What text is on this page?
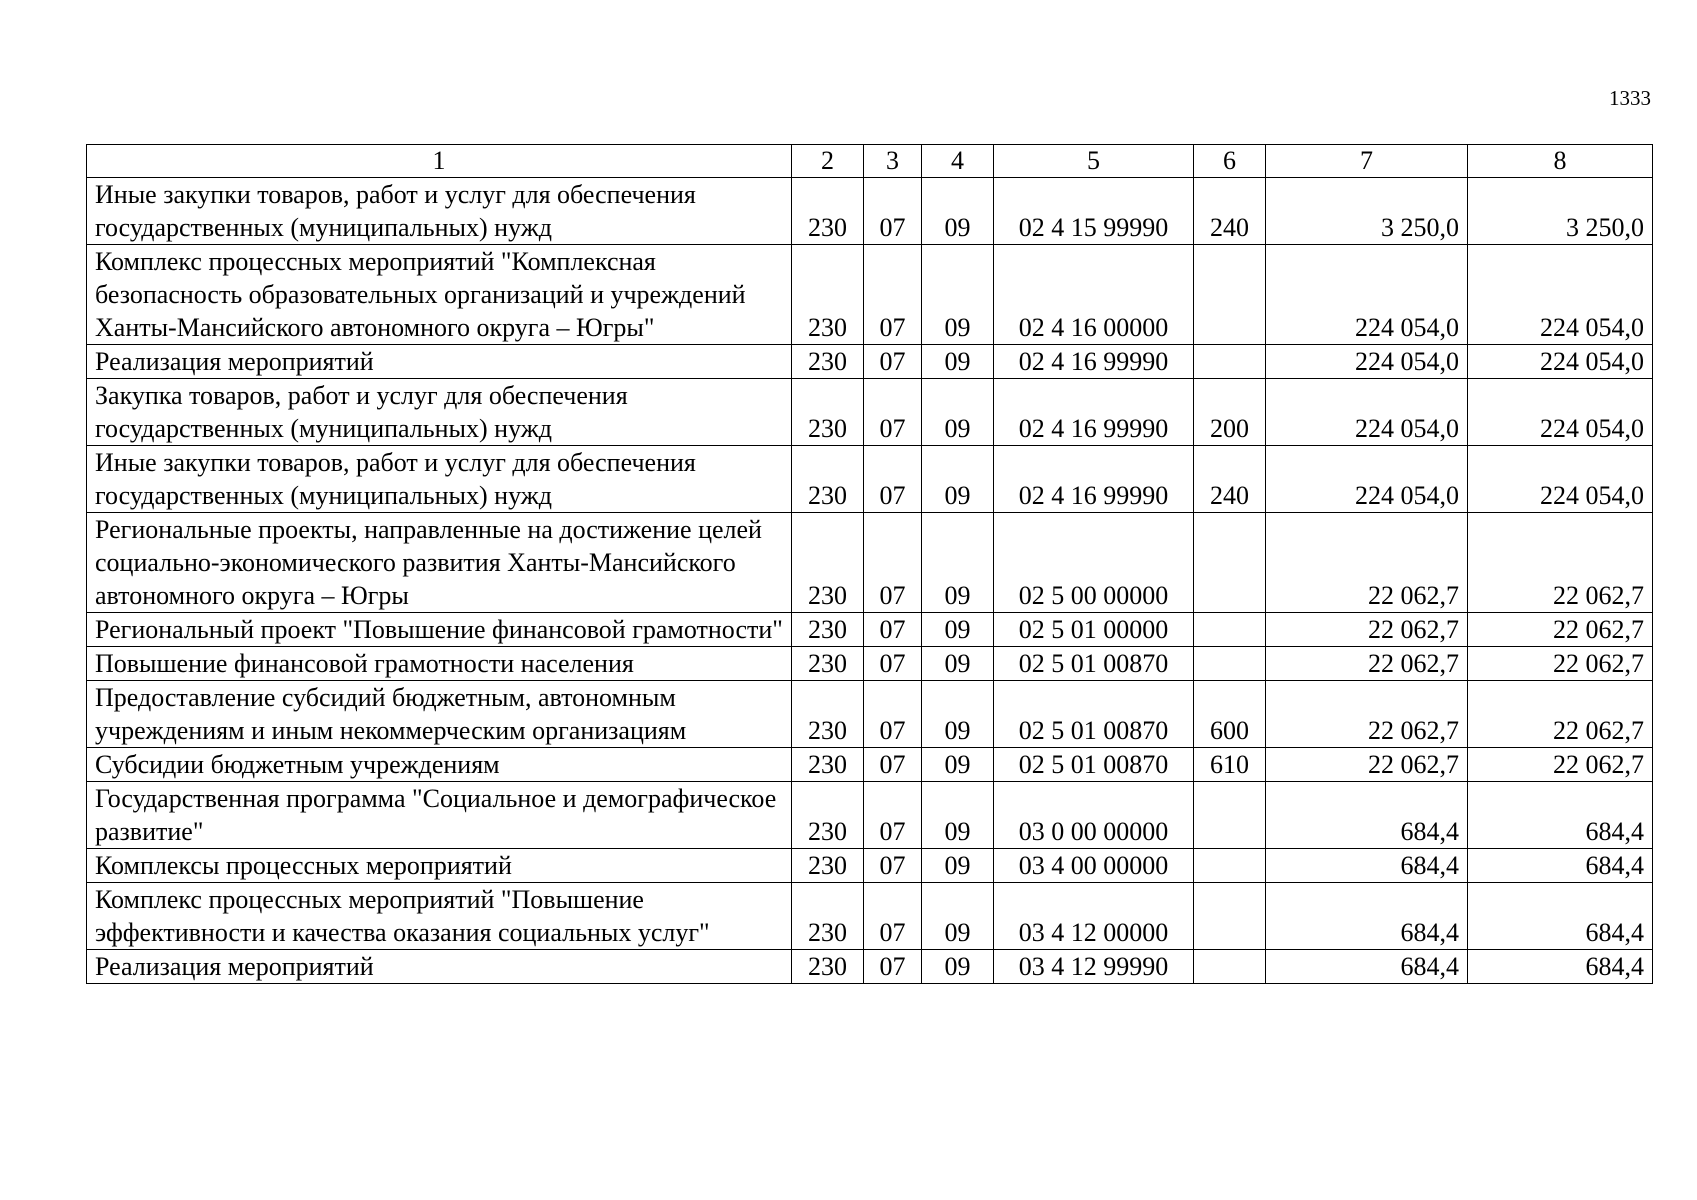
1333
1	2	3	4	5	6	7	8
Иные закупки товаров, работ и услуг для обеспечения государственных (муниципальных) нужд	230	07	09	02 4 15 99990	240	3 250,0	3 250,0
Комплекс процессных мероприятий "Комплексная безопасность образовательных организаций и учреждений Ханты-Мансийского автономного округа – Югры"	230	07	09	02 4 16 00000		224 054,0	224 054,0
Реализация мероприятий	230	07	09	02 4 16 99990		224 054,0	224 054,0
Закупка товаров, работ и услуг для обеспечения государственных (муниципальных) нужд	230	07	09	02 4 16 99990	200	224 054,0	224 054,0
Иные закупки товаров, работ и услуг для обеспечения государственных (муниципальных) нужд	230	07	09	02 4 16 99990	240	224 054,0	224 054,0
Региональные проекты, направленные на достижение целей социально-экономического развития Ханты-Мансийского автономного округа – Югры	230	07	09	02 5 00 00000		22 062,7	22 062,7
Региональный проект "Повышение финансовой грамотности"	230	07	09	02 5 01 00000		22 062,7	22 062,7
Повышение финансовой грамотности населения	230	07	09	02 5 01 00870		22 062,7	22 062,7
Предоставление субсидий бюджетным, автономным учреждениям и иным некоммерческим организациям	230	07	09	02 5 01 00870	600	22 062,7	22 062,7
Субсидии бюджетным учреждениям	230	07	09	02 5 01 00870	610	22 062,7	22 062,7
Государственная программа "Социальное и демографическое развитие"	230	07	09	03 0 00 00000		684,4	684,4
Комплексы процессных мероприятий	230	07	09	03 4 00 00000		684,4	684,4
Комплекс процессных мероприятий "Повышение эффективности и качества оказания социальных услуг"	230	07	09	03 4 12 00000		684,4	684,4
Реализация мероприятий	230	07	09	03 4 12 99990		684,4	684,4
